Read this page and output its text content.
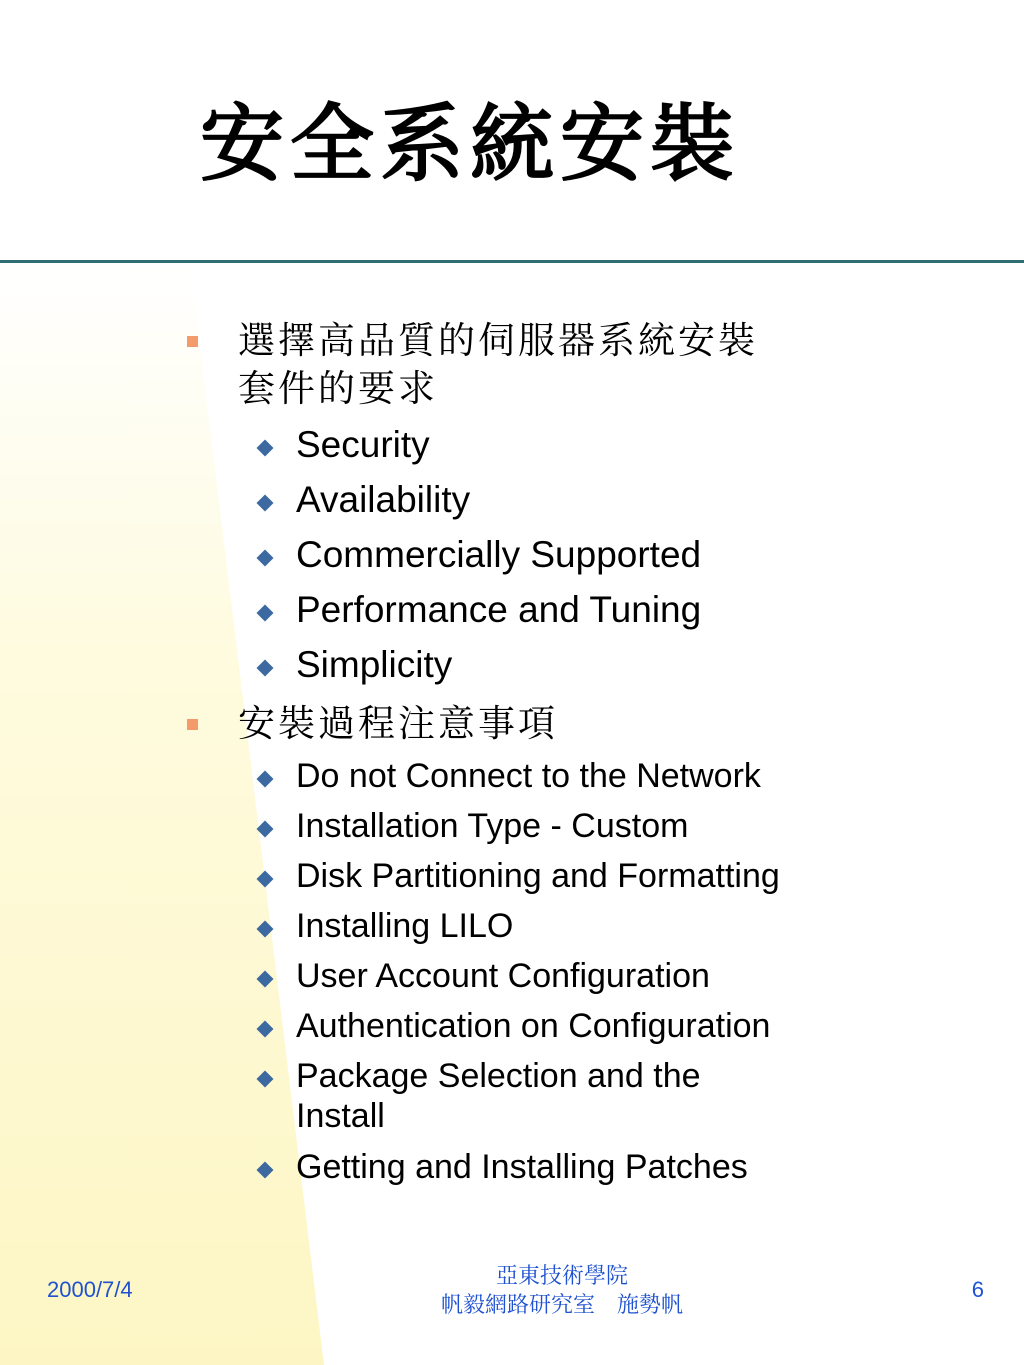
安全系統安裝
選擇高品質的伺服器系統安裝
套件的要求
Security
Availability
Commercially Supported
Performance and Tuning
Simplicity
安裝過程注意事項
Do not Connect to the Network
Installation Type - Custom
Disk Partitioning and Formatting
Installing LILO
User Account Configuration
Authentication on Configuration
Package Selection and the
Install
Getting and Installing Patches
2000/7/4
亞東技術學院
帆毅網路研究室　施勢帆
6
